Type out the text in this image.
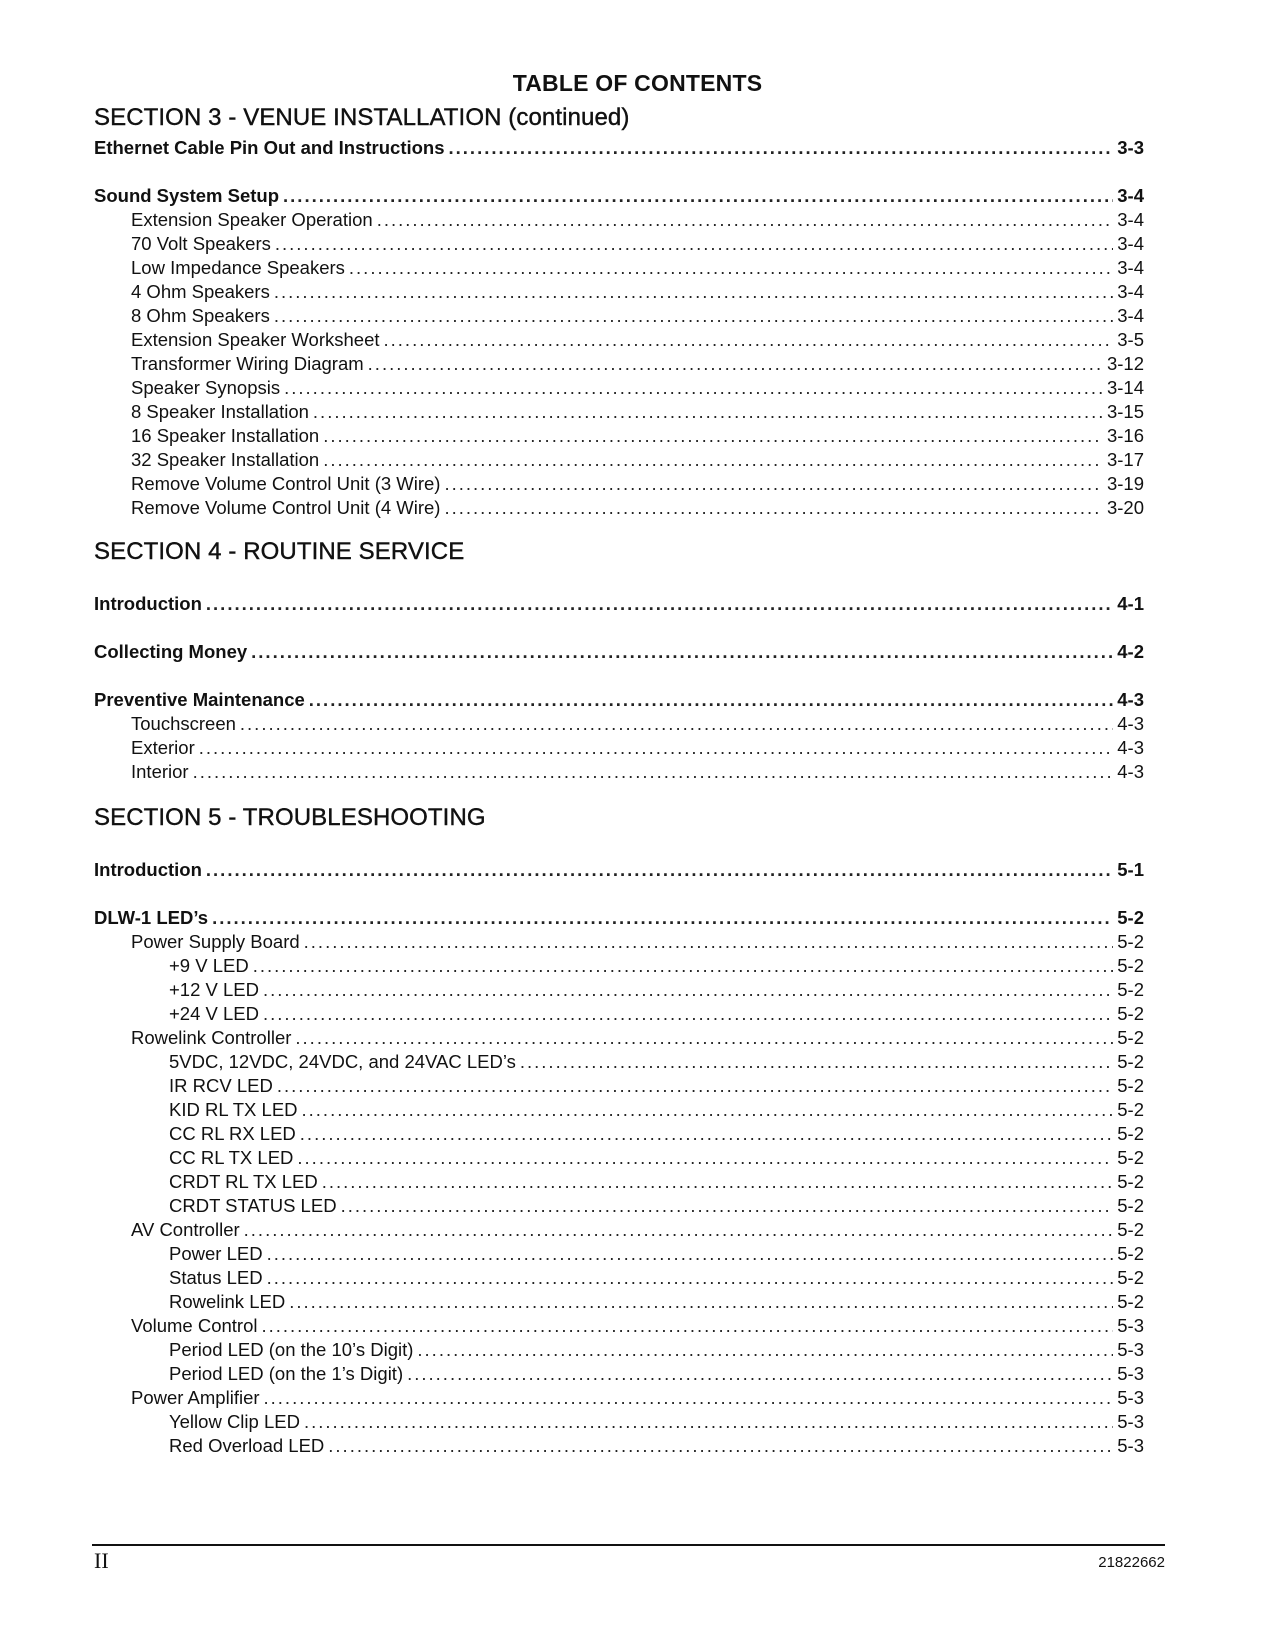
TABLE OF CONTENTS
SECTION 3 - VENUE INSTALLATION (continued)
SECTION 4 - ROUTINE SERVICE
SECTION 5 - TROUBLESHOOTING
Ethernet Cable Pin Out and Instructions .....	3-3
Sound System Setup .....	3-4
Extension Speaker Operation .....	3-4
70 Volt Speakers .....	3-4
Low Impedance Speakers .....	3-4
4 Ohm Speakers .....	3-4
8 Ohm Speakers .....	3-4
Extension Speaker Worksheet .....	3-5
Transformer Wiring Diagram .....	3-12
Speaker Synopsis .....	3-14
8 Speaker Installation .....	3-15
16 Speaker Installation .....	3-16
32 Speaker Installation .....	3-17
Remove Volume Control Unit (3 Wire) .....	3-19
Remove Volume Control Unit (4 Wire) .....	3-20
Introduction .....	4-1
Collecting Money .....	4-2
Preventive Maintenance .....	4-3
Touchscreen .....	4-3
Exterior .....	4-3
Interior .....	4-3
Introduction .....	5-1
DLW-1 LED’s .....	5-2
Power Supply Board .....	5-2
+9 V LED .....	5-2
+12 V LED .....	5-2
+24 V LED .....	5-2
Rowelink Controller .....	5-2
5VDC, 12VDC, 24VDC, and 24VAC LED’s .....	5-2
IR RCV LED .....	5-2
KID RL TX LED .....	5-2
CC RL RX LED .....	5-2
CC RL TX LED .....	5-2
CRDT RL TX LED .....	5-2
CRDT STATUS LED .....	5-2
AV Controller .....	5-2
Power LED .....	5-2
Status LED .....	5-2
Rowelink LED .....	5-2
Volume Control .....	5-3
Period LED (on the 10’s Digit) .....	5-3
Period LED (on the 1’s Digit) .....	5-3
Power Amplifier .....	5-3
Yellow Clip LED .....	5-3
Red Overload LED .....	5-3
II	21822662
